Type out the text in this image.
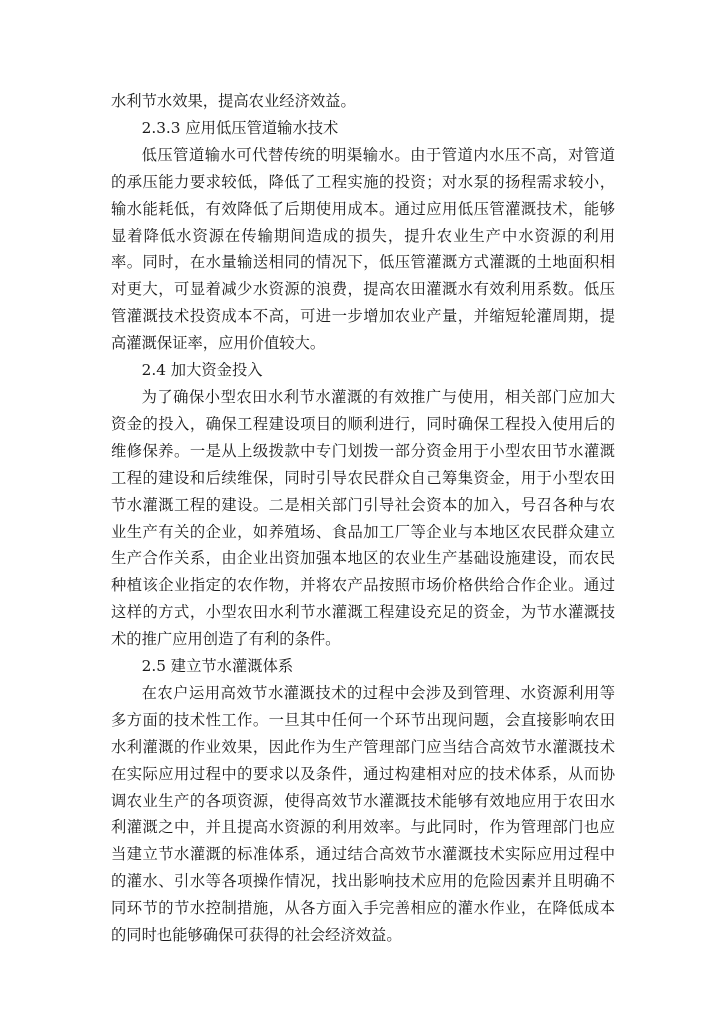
水利节水效果，提高农业经济效益。

2.3.3 应用低压管道输水技术

低压管道输水可代替传统的明渠输水。由于管道内水压不高，对管道的承压能力要求较低，降低了工程实施的投资；对水泵的扬程需求较小，输水能耗低，有效降低了后期使用成本。通过应用低压管灌溉技术，能够显着降低水资源在传输期间造成的损失，提升农业生产中水资源的利用率。同时，在水量输送相同的情况下，低压管灌溉方式灌溉的土地面积相对更大，可显着减少水资源的浪费，提高农田灌溉水有效利用系数。低压管灌溉技术投资成本不高，可进一步增加农业产量，并缩短轮灌周期，提高灌溉保证率，应用价值较大。

2.4 加大资金投入

为了确保小型农田水利节水灌溉的有效推广与使用，相关部门应加大资金的投入，确保工程建设项目的顺利进行，同时确保工程投入使用后的维修保养。一是从上级拨款中专门划拨一部分资金用于小型农田节水灌溉工程的建设和后续维保，同时引导农民群众自己筹集资金，用于小型农田节水灌溉工程的建设。二是相关部门引导社会资本的加入，号召各种与农业生产有关的企业，如养殖场、食品加工厂等企业与本地区农民群众建立生产合作关系，由企业出资加强本地区的农业生产基础设施建设，而农民种植该企业指定的农作物，并将农产品按照市场价格供给合作企业。通过这样的方式，小型农田水利节水灌溉工程建设充足的资金，为节水灌溉技术的推广应用创造了有利的条件。

2.5 建立节水灌溉体系

在农户运用高效节水灌溉技术的过程中会涉及到管理、水资源利用等多方面的技术性工作。一旦其中任何一个环节出现问题，会直接影响农田水利灌溉的作业效果，因此作为生产管理部门应当结合高效节水灌溉技术在实际应用过程中的要求以及条件，通过构建相对应的技术体系，从而协调农业生产的各项资源，使得高效节水灌溉技术能够有效地应用于农田水利灌溉之中，并且提高水资源的利用效率。与此同时，作为管理部门也应当建立节水灌溉的标准体系，通过结合高效节水灌溉技术实际应用过程中的灌水、引水等各项操作情况，找出影响技术应用的危险因素并且明确不同环节的节水控制措施，从各方面入手完善相应的灌水作业，在降低成本的同时也能够确保可获得的社会经济效益。
